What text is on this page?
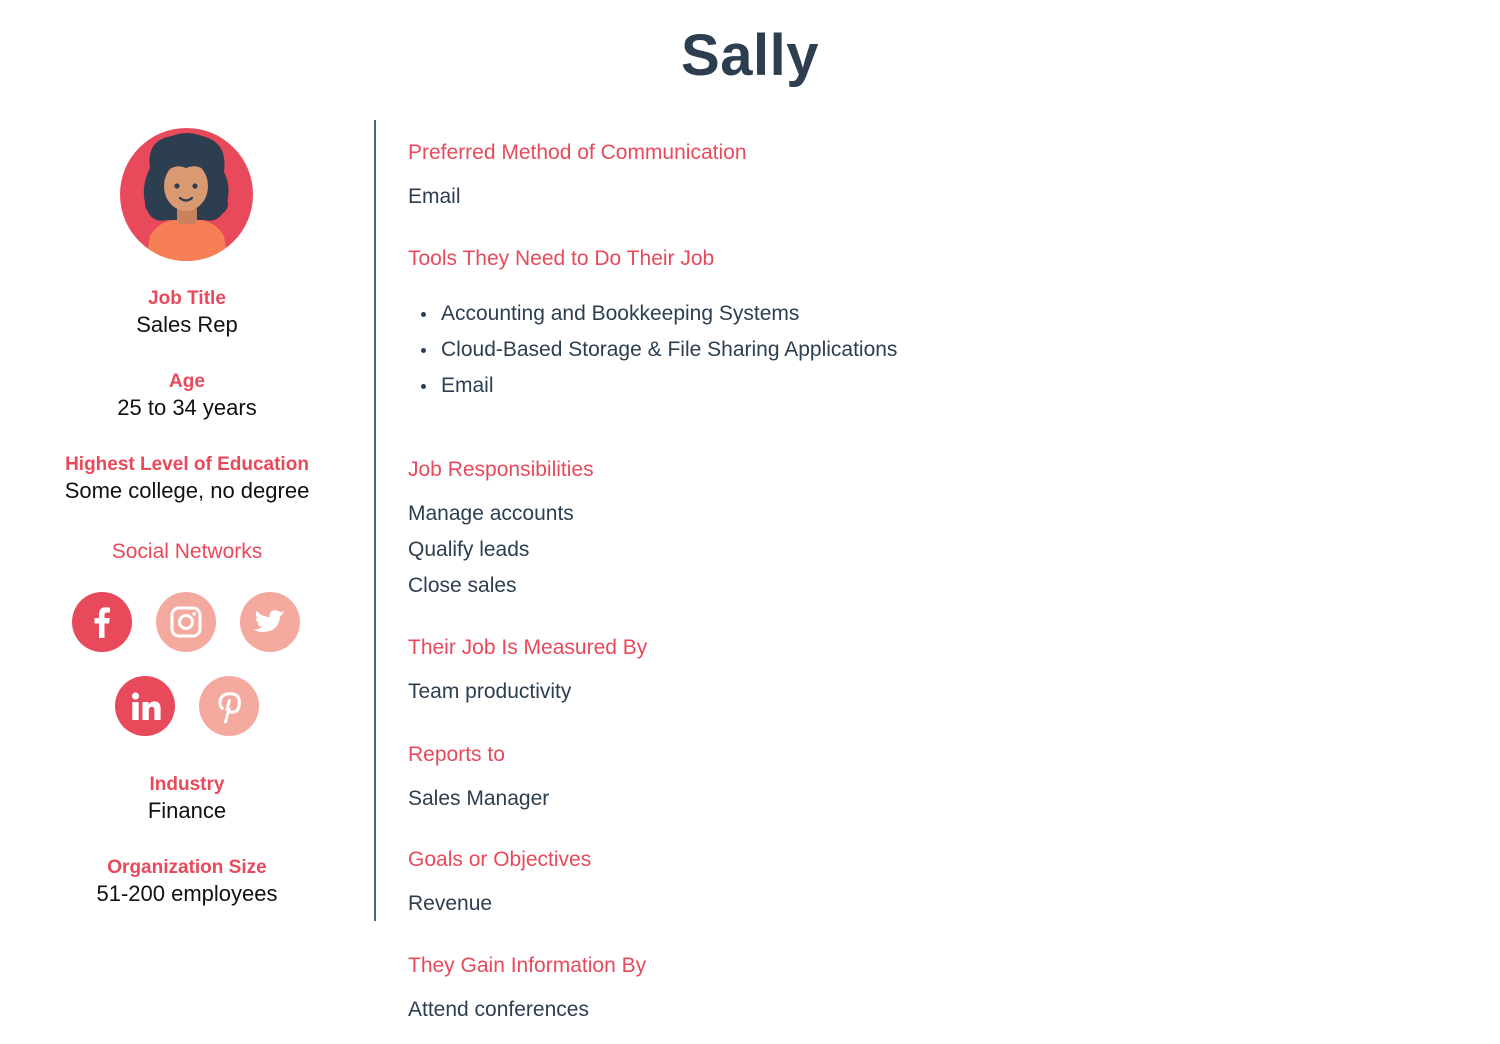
Sally
Job Title
Sales Rep
Age
25 to 34 years
Highest Level of Education
Some college, no degree
Social Networks
Industry
Finance
Organization Size
51-200 employees
Preferred Method of Communication
Email
Tools They Need to Do Their Job
Accounting and Bookkeeping Systems
Cloud-Based Storage & File Sharing Applications
Email
Job Responsibilities
Manage accounts
Qualify leads
Close sales
Their Job Is Measured By
Team productivity
Reports to
Sales Manager
Goals or Objectives
Revenue
They Gain Information By
Attend conferences
